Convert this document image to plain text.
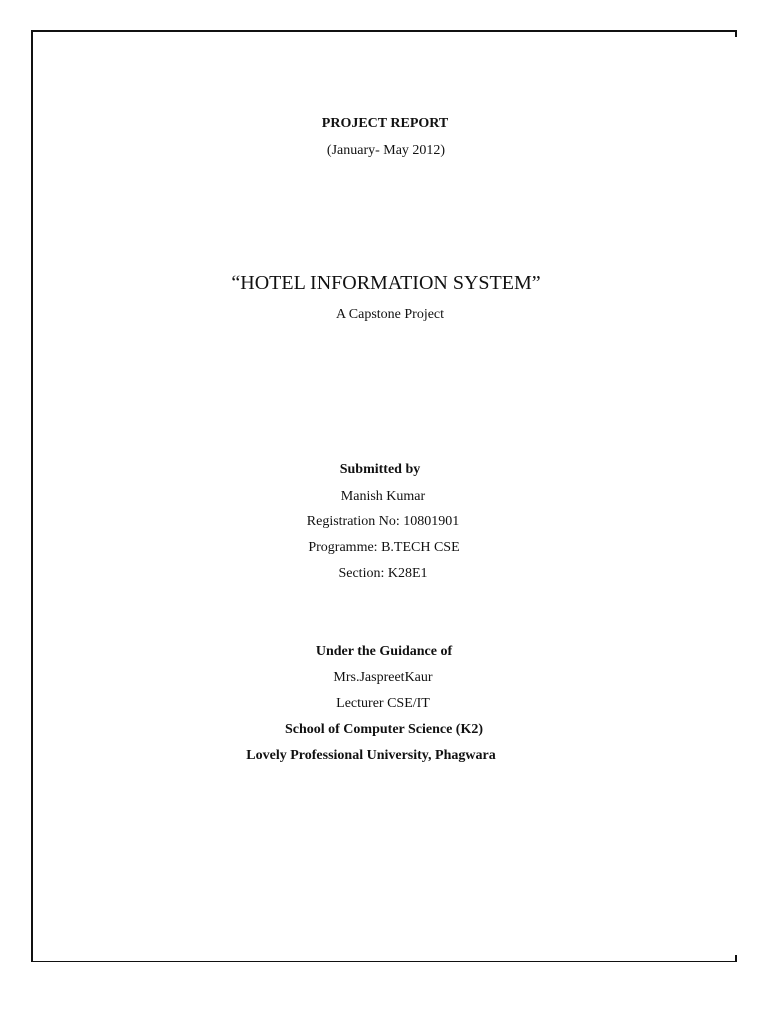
PROJECT REPORT
(January- May 2012)
“HOTEL INFORMATION SYSTEM”
A Capstone Project
Submitted by
Manish Kumar
Registration No: 10801901
Programme: B.TECH CSE
Section: K28E1
Under the Guidance of
Mrs.JaspreetKaur
Lecturer CSE/IT
School of Computer Science (K2)
Lovely Professional University, Phagwara
